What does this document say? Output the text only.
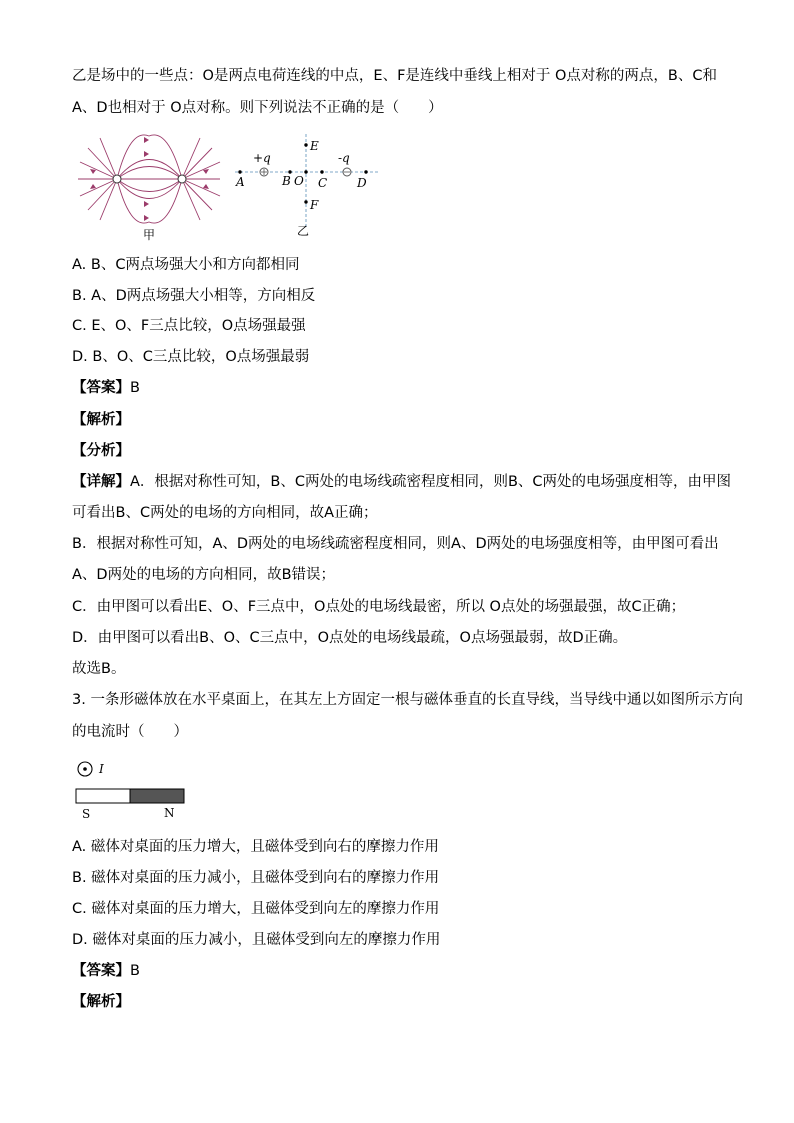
乙是场中的一些点：O是两点电荷连线的中点，E、F是连线中垂线上相对于 O点对称的两点，B、C和
A、D也相对于 O点对称。则下列说法不正确的是（　　）
甲
+q	-q
A	B O C D
E
F
乙
A. B、C两点场强大小和方向都相同
B. A、D两点场强大小相等，方向相反
C. E、O、F三点比较，O点场强最强
D. B、O、C三点比较，O点场强最弱
【答案】B
【解析】
【分析】
【详解】A．根据对称性可知，B、C两处的电场线疏密程度相同，则B、C两处的电场强度相等，由甲图
可看出B、C两处的电场的方向相同，故A正确；
B．根据对称性可知，A、D两处的电场线疏密程度相同，则A、D两处的电场强度相等，由甲图可看出
A、D两处的电场的方向相同，故B错误；
C．由甲图可以看出E、O、F三点中，O点处的电场线最密，所以 O点处的场强最强，故C正确；
D．由甲图可以看出B、O、C三点中，O点处的电场线最疏，O点场强最弱，故D正确。
故选B。
3. 一条形磁体放在水平桌面上，在其左上方固定一根与磁体垂直的长直导线，当导线中通以如图所示方向
的电流时（　　）
I
S	N
A. 磁体对桌面的压力增大，且磁体受到向右的摩擦力作用
B. 磁体对桌面的压力减小，且磁体受到向右的摩擦力作用
C. 磁体对桌面的压力增大，且磁体受到向左的摩擦力作用
D. 磁体对桌面的压力减小，且磁体受到向左的摩擦力作用
【答案】B
【解析】
